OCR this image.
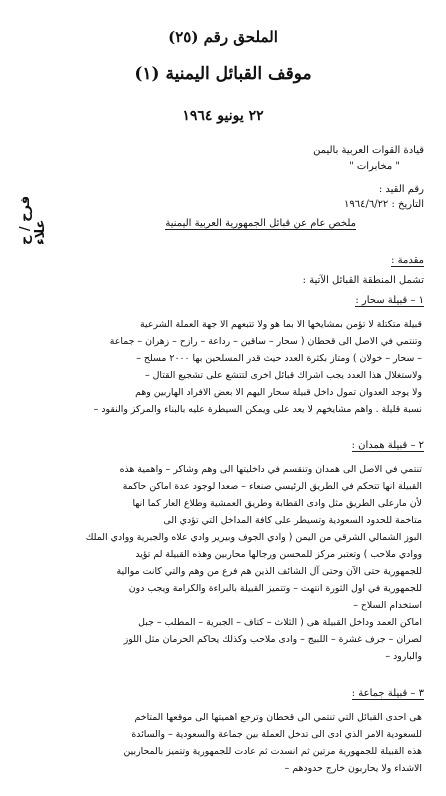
الملحق رقم (٢٥)
موقف القبائل اليمنية (١)
٢٢ يونيو ١٩٦٤
قيادة القوات العربية باليمن
" مخابرات "
رقم القيد :
التاريخ : ١٩٦٤/٦/٢٢
فرح / ح علاء	ملخص عام عن قبائل الجمهورية العربية اليمنية
مقدمة :
تشمل المنطقة القبائل الآتية :
١ – قبيلة سحار :
قبيلة متكتلة لا تؤمن بمشايخها الا بما هو ولا تتبعهم الا جهة العملة الشرعية
وتنتمي في الاصل الى قحطان ( سحار – ساقين – رداعة – رازح – زهران – جماعة
– سحار – خولان ) ومتاز بكثرة العدد حيث قدر المسلحين بها ٢٠٠٠ مسلح –
ولاستغلال هذا العدد يجب اشراك قبائل اخرى لتتشع على تشجيع القتال –
ولا يوجد العدوان تمول داخل قبيلة سحار اليهم الا بعض الافراد الهاربين وهم
نسبة قليلة . واهم مشايخهم لا يعد على ويمكن السيطرة عليه بالبناء والمركز والنقود –
٢ – قبيلة همدان :
تنتمي في الاصل الى همدان وتنقسم في داخليتها الى وهم وشاكر – واهمية هذه
القبيلة انها تتحكم في الطريق الرئيسي صنعاء – صعدا لوجود عدة اماكن حاكمة
لأن مارعلى الطريق مثل وادى القطابة وطريق العمشية وطلاع العار كما انها
متاخمة للحدود السعودية وتسيطر على كافة المداخل التي تؤدي الى
البوز الشمالي الشرقي من اليمن ( وادي الجوف وبيرير وادي علاه والجبرية ووادي الملك
ووادي ملاحب ) وتعتبر مركز للمحسن ورجالها محاربين وهذه القبيلة لم تؤيد
للجمهورية حتى الآن وحتى آل الشائف الذين هم فرع من وهم والتي كانت موالية
للجمهورية في اول الثورة انتهت – وتتميز القبيلة بالبراءة والكرامة ويجب دون
استخدام السلاح –
اماكن العمد وداخل القبيلة هى ( الثلاث – كتاف – الجبرية – المطلب – جبل
لصران – جرف غشرة – اللبيج – وادى ملاحب وكذلك يحاكم الحرمان مثل اللوز
والبارود –
٣ – قبيلة جماعة :
هى احدى القبائل التي تنتمي الى قحطان وترجع اهميتها الى موقعها المتاخم
للسعودية الامر الذي ادى الى تدخل العملة بين جماعة والسعودية – والسائدة
هذه القبيلة للجمهورية مرتين ثم انسدت ثم عادت للجمهورية وتتميز بالمحاربين
الاشداء ولا يحاربون خارج حدودهم –
